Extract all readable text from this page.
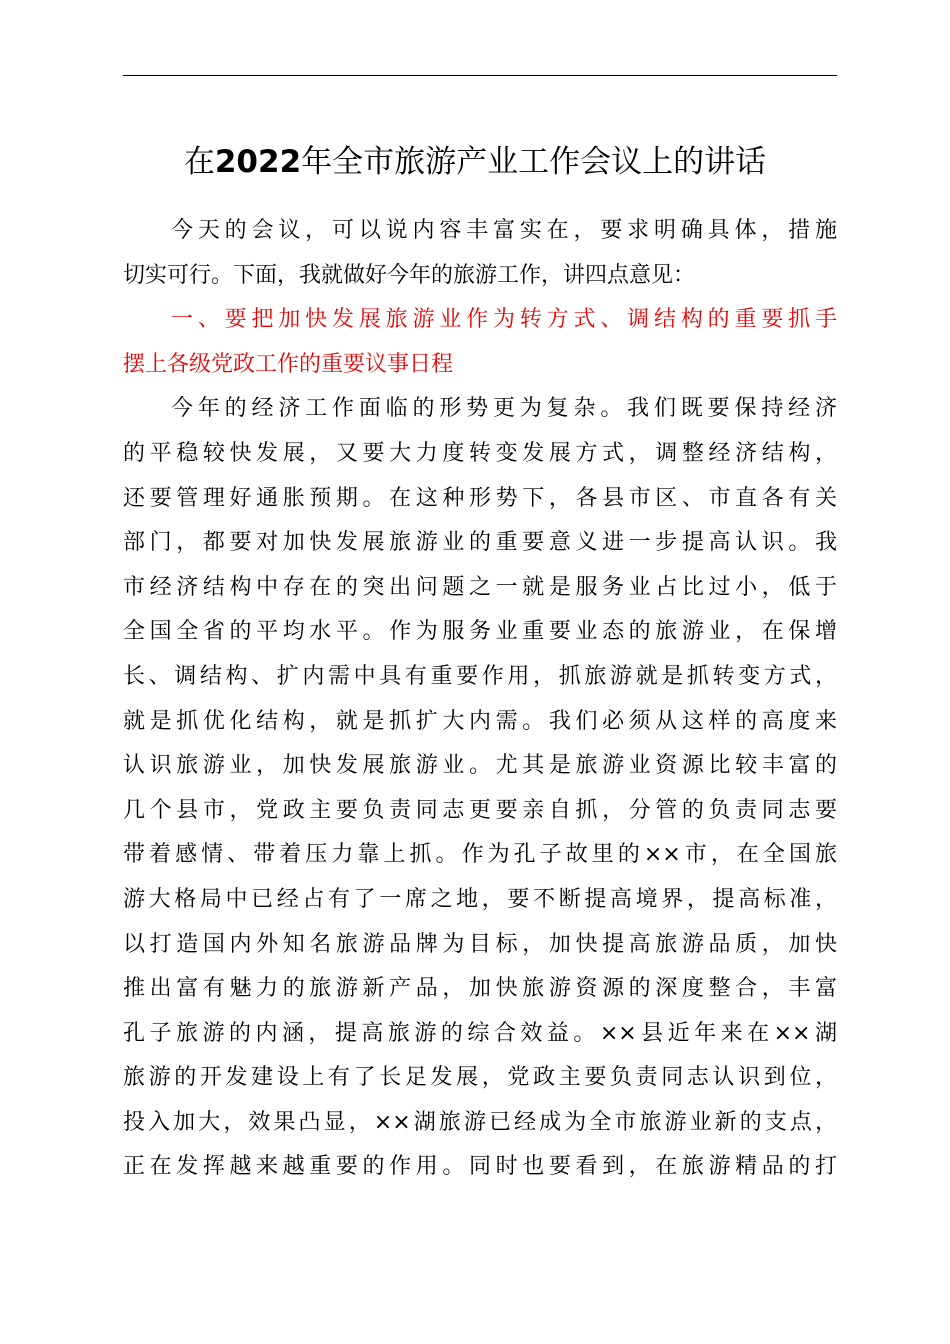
在2022年全市旅游产业工作会议上的讲话
今天的会议，可以说内容丰富实在，要求明确具体，措施
切实可行。下面，我就做好今年的旅游工作，讲四点意见：
一、要把加快发展旅游业作为转方式、调结构的重要抓手
摆上各级党政工作的重要议事日程
今年的经济工作面临的形势更为复杂。我们既要保持经济
的平稳较快发展，又要大力度转变发展方式，调整经济结构，
还要管理好通胀预期。在这种形势下，各县市区、市直各有关
部门，都要对加快发展旅游业的重要意义进一步提高认识。我
市经济结构中存在的突出问题之一就是服务业占比过小，低于
全国全省的平均水平。作为服务业重要业态的旅游业，在保增
长、调结构、扩内需中具有重要作用，抓旅游就是抓转变方式，
就是抓优化结构，就是抓扩大内需。我们必须从这样的高度来
认识旅游业，加快发展旅游业。尤其是旅游业资源比较丰富的
几个县市，党政主要负责同志更要亲自抓，分管的负责同志要
带着感情、带着压力靠上抓。作为孔子故里的××市，在全国旅
游大格局中已经占有了一席之地，要不断提高境界，提高标准，
以打造国内外知名旅游品牌为目标，加快提高旅游品质，加快
推出富有魅力的旅游新产品，加快旅游资源的深度整合，丰富
孔子旅游的内涵，提高旅游的综合效益。××县近年来在××湖
旅游的开发建设上有了长足发展，党政主要负责同志认识到位，
投入加大，效果凸显，××湖旅游已经成为全市旅游业新的支点，
正在发挥越来越重要的作用。同时也要看到，在旅游精品的打
